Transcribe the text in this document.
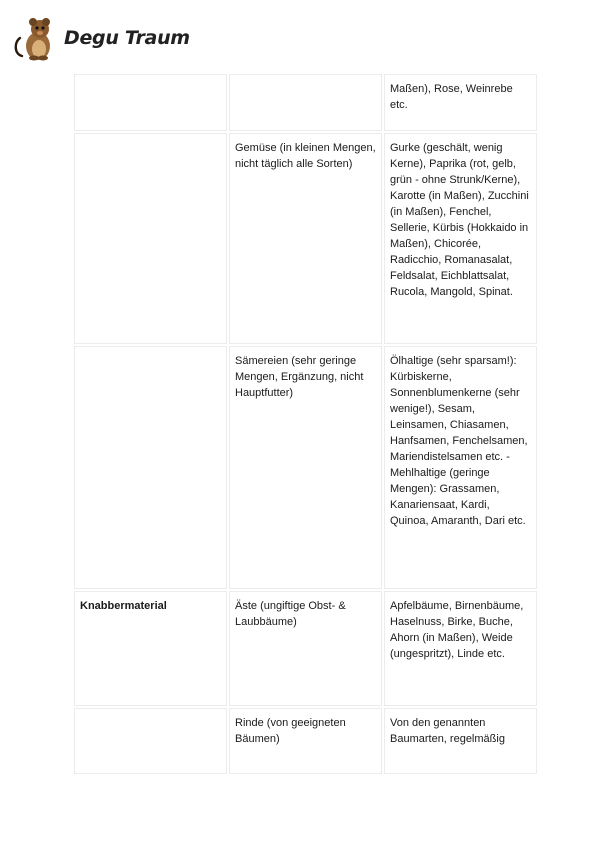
Degu Traum
		Maßen), Rose, Weinrebe etc.
	Gemüse (in kleinen Mengen, nicht täglich alle Sorten)	Gurke (geschält, wenig Kerne), Paprika (rot, gelb, grün - ohne Strunk/Kerne), Karotte (in Maßen), Zucchini (in Maßen), Fenchel, Sellerie, Kürbis (Hokkaido in Maßen), Chicorée, Radicchio, Romanasalat, Feldsalat, Eichblattsalat, Rucola, Mangold, Spinat.
	Sämereien (sehr geringe Mengen, Ergänzung, nicht Hauptfutter)	Ölhaltige (sehr sparsam!): Kürbiskerne, Sonnenblumenkerne (sehr wenige!), Sesam, Leinsamen, Chiasamen, Hanfsamen, Fenchelsamen, Mariendistelsamen etc. - Mehlhaltige (geringe Mengen): Grassamen, Kanariensaat, Kardi, Quinoa, Amaranth, Dari etc.
Knabbermaterial	Äste (ungiftige Obst- & Laubbäume)	Apfelbäume, Birnenbäume, Haselnuss, Birke, Buche, Ahorn (in Maßen), Weide (ungespritzt), Linde etc.
	Rinde (von geeigneten Bäumen)	Von den genannten Baumarten, regelmäßig
